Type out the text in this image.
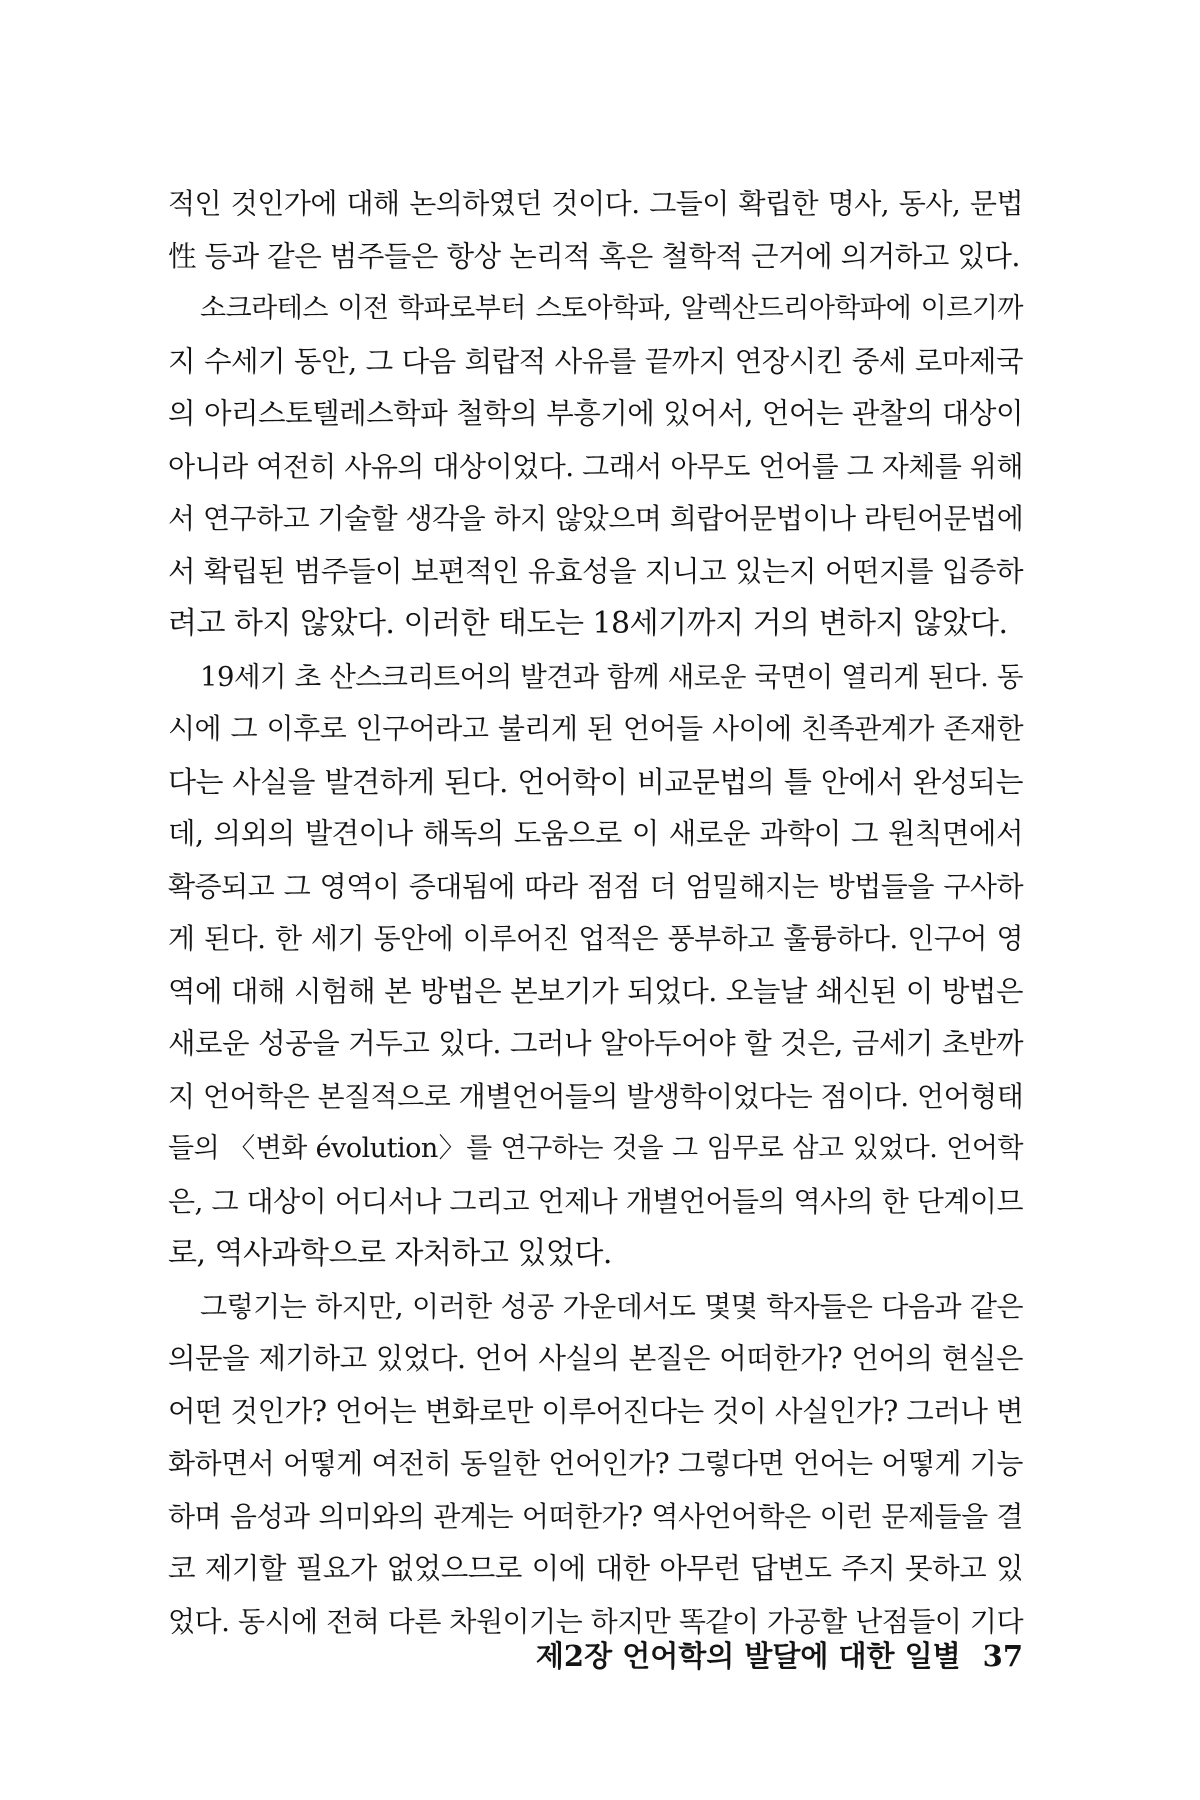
적인 것인가에 대해 논의하였던 것이다. 그들이 확립한 명사, 동사, 문법
性 등과 같은 범주들은 항상 논리적 혹은 철학적 근거에 의거하고 있다.
소크라테스 이전 학파로부터 스토아학파, 알렉산드리아학파에 이르기까
지 수세기 동안, 그 다음 희랍적 사유를 끝까지 연장시킨 중세 로마제국
의 아리스토텔레스학파 철학의 부흥기에 있어서, 언어는 관찰의 대상이
아니라 여전히 사유의 대상이었다. 그래서 아무도 언어를 그 자체를 위해
서 연구하고 기술할 생각을 하지 않았으며 희랍어문법이나 라틴어문법에
서 확립된 범주들이 보편적인 유효성을 지니고 있는지 어떤지를 입증하
려고 하지 않았다. 이러한 태도는 18세기까지 거의 변하지 않았다.
19세기 초 산스크리트어의 발견과 함께 새로운 국면이 열리게 된다. 동
시에 그 이후로 인구어라고 불리게 된 언어들 사이에 친족관계가 존재한
다는 사실을 발견하게 된다. 언어학이 비교문법의 틀 안에서 완성되는
데, 의외의 발견이나 해독의 도움으로 이 새로운 과학이 그 원칙면에서
확증되고 그 영역이 증대됨에 따라 점점 더 엄밀해지는 방법들을 구사하
게 된다. 한 세기 동안에 이루어진 업적은 풍부하고 훌륭하다. 인구어 영
역에 대해 시험해 본 방법은 본보기가 되었다. 오늘날 쇄신된 이 방법은
새로운 성공을 거두고 있다. 그러나 알아두어야 할 것은, 금세기 초반까
지 언어학은 본질적으로 개별언어들의 발생학이었다는 점이다. 언어형태
들의 〈변화 évolution〉를 연구하는 것을 그 임무로 삼고 있었다. 언어학
은, 그 대상이 어디서나 그리고 언제나 개별언어들의 역사의 한 단계이므
로, 역사과학으로 자처하고 있었다.
그렇기는 하지만, 이러한 성공 가운데서도 몇몇 학자들은 다음과 같은
의문을 제기하고 있었다. 언어 사실의 본질은 어떠한가? 언어의 현실은
어떤 것인가? 언어는 변화로만 이루어진다는 것이 사실인가? 그러나 변
화하면서 어떻게 여전히 동일한 언어인가? 그렇다면 언어는 어떻게 기능
하며 음성과 의미와의 관계는 어떠한가? 역사언어학은 이런 문제들을 결
코 제기할 필요가 없었으므로 이에 대한 아무런 답변도 주지 못하고 있
었다. 동시에 전혀 다른 차원이기는 하지만 똑같이 가공할 난점들이 기다
제2장 언어학의 발달에 대한 일별 37
